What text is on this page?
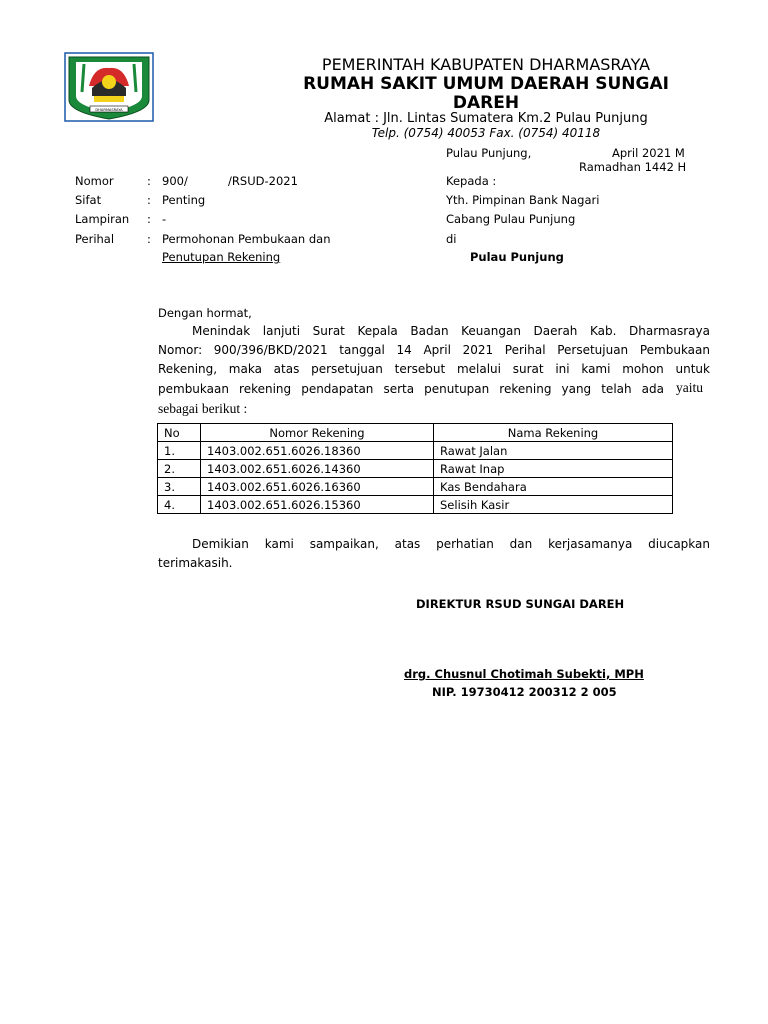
DHARMASRAYA
PEMERINTAH KABUPATEN DHARMASRAYA
RUMAH SAKIT UMUM DAERAH SUNGAI
DAREH
Alamat : Jln. Lintas Sumatera Km.2 Pulau Punjung
Telp. (0754) 40053 Fax. (0754) 40118
Pulau Punjung,	April 2021 M
Ramadhan 1442 H
Nomor	: 900/           /RSUD-2021
Sifat	: Penting
Lampiran : -
Perihal	: Permohonan Pembukaan dan
Penutupan Rekening
Kepada :
Yth. Pimpinan Bank Nagari
Cabang Pulau Punjung
di
Pulau Punjung
Dengan hormat,
Menindak lanjuti Surat Kepala Badan Keuangan Daerah Kab. Dharmasraya
Nomor: 900/396/BKD/2021 tanggal 14 April 2021 Perihal Persetujuan Pembukaan
Rekening, maka atas persetujuan tersebut melalui surat ini kami mohon untuk
pembukaan rekening pendapatan serta penutupan rekening yang telah ada yaitu
sebagai berikut :
No	Nomor Rekening	Nama Rekening
1.	1403.002.651.6026.18360	Rawat Jalan
2.	1403.002.651.6026.14360	Rawat Inap
3.	1403.002.651.6026.16360	Kas Bendahara
4.	1403.002.651.6026.15360	Selisih Kasir
Demikian kami sampaikan, atas perhatian dan kerjasamanya diucapkan
terimakasih.
DIREKTUR RSUD SUNGAI DAREH
drg. Chusnul Chotimah Subekti, MPH
NIP. 19730412 200312 2 005
